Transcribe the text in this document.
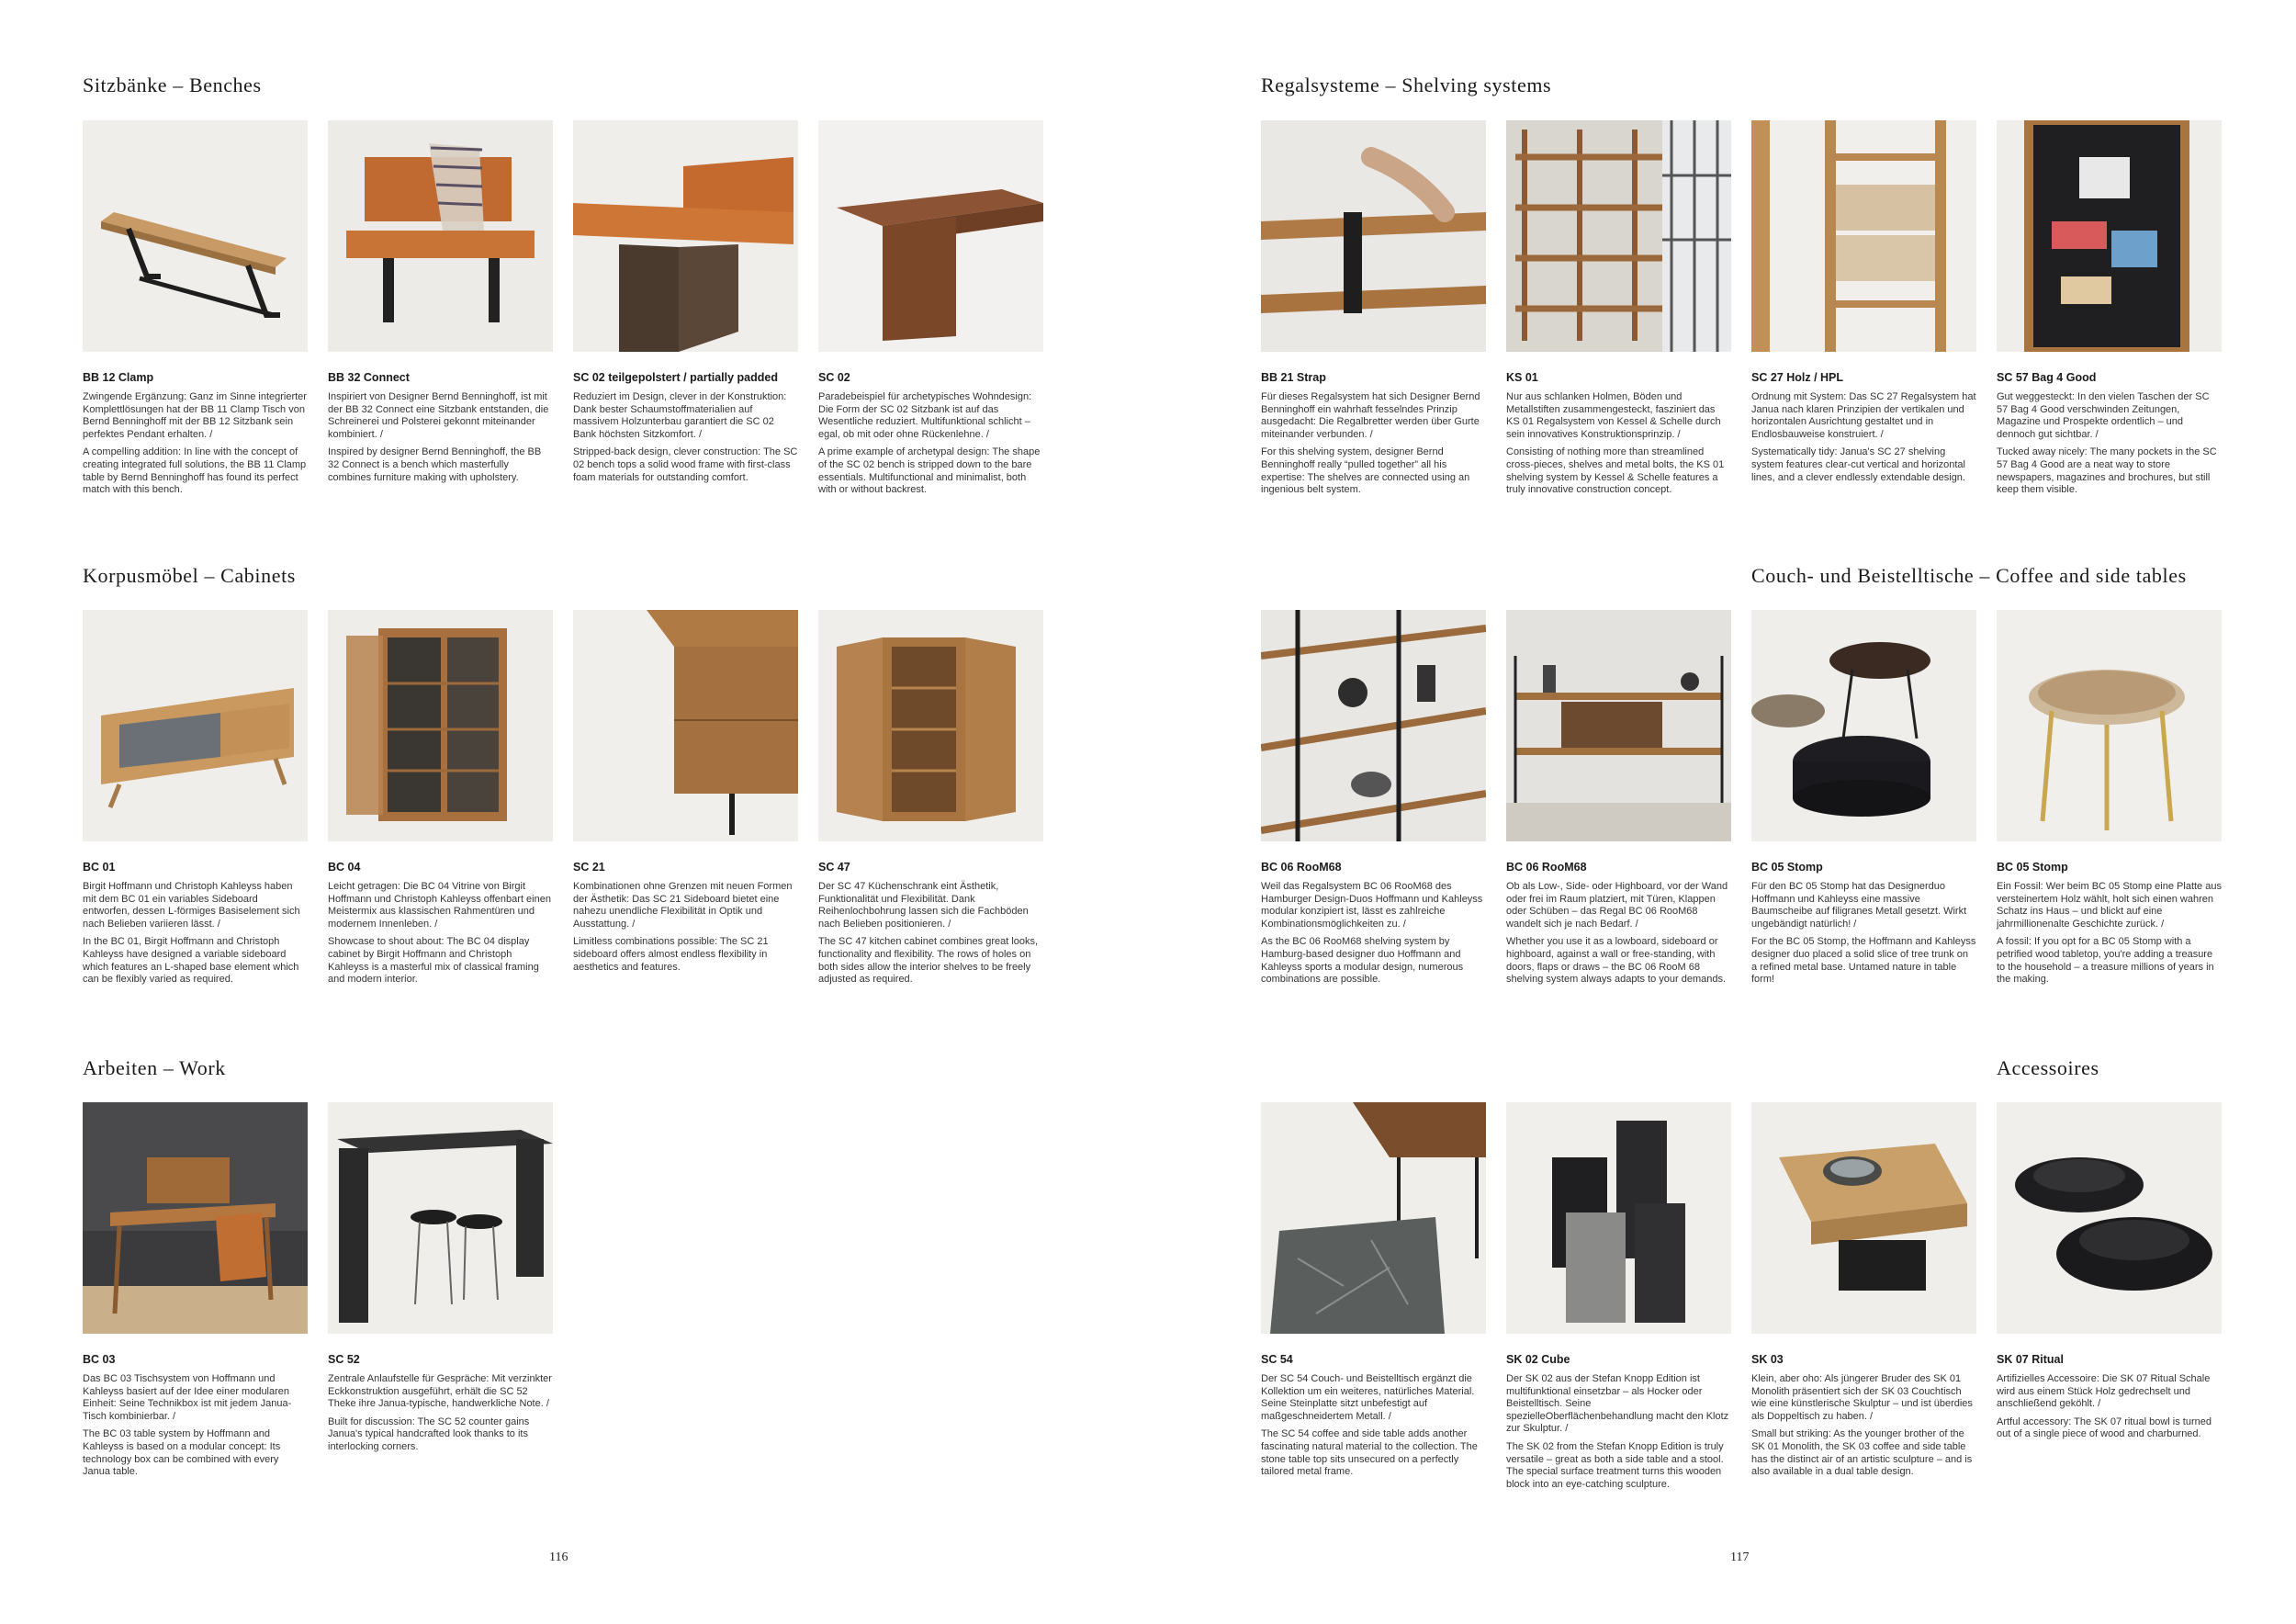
Sitzbänke – Benches
BB 12 Clamp
Zwingende Ergänzung: Ganz im Sinne integrierter Komplettlösungen hat der BB 11 Clamp Tisch von Bernd Benninghoff mit der BB 12 Sitzbank sein perfektes Pendant erhalten. /
A compelling addition: In line with the concept of creating integrated full solutions, the BB 11 Clamp table by Bernd Benninghoff has found its perfect match with this bench.
BB 32 Connect
Inspiriert von Designer Bernd Benninghoff, ist mit der BB 32 Connect eine Sitzbank entstanden, die Schreinerei und Polsterei gekonnt miteinander kombiniert. /
Inspired by designer Bernd Benninghoff, the BB 32 Connect is a bench which masterfully combines furniture making with upholstery.
SC 02 teilgepolstert / partially padded
Reduziert im Design, clever in der Konstruktion: Dank bester Schaumstoffmaterialien auf massivem Holzunterbau garantiert die SC 02 Bank höchsten Sitzkomfort. /
Stripped-back design, clever construction: The SC 02 bench tops a solid wood frame with first-class foam materials for outstanding comfort.
SC 02
Paradebeispiel für archetypisches Wohndesign: Die Form der SC 02 Sitzbank ist auf das Wesentliche reduziert. Multifunktional schlicht – egal, ob mit oder ohne Rückenlehne. /
A prime example of archetypal design: The shape of the SC 02 bench is stripped down to the bare essentials. Multifunctional and minimalist, both with or without backrest.
Korpusmöbel – Cabinets
BC 01
Birgit Hoffmann und Christoph Kahleyss haben mit dem BC 01 ein variables Sideboard entworfen, dessen L-förmiges Basiselement sich nach Belieben variieren lässt. /
In the BC 01, Birgit Hoffmann and Christoph Kahleyss have designed a variable sideboard which features an L-shaped base element which can be flexibly varied as required.
BC 04
Leicht getragen: Die BC 04 Vitrine von Birgit Hoffmann und Christoph Kahleyss offenbart einen Meistermix aus klassischen Rahmentüren und modernem Innenleben. /
Showcase to shout about: The BC 04 display cabinet by Birgit Hoffmann and Christoph Kahleyss is a masterful mix of classical framing and modern interior.
SC 21
Kombinationen ohne Grenzen mit neuen Formen der Ästhetik: Das SC 21 Sideboard bietet eine nahezu unendliche Flexibilität in Optik und Ausstattung. /
Limitless combinations possible: The SC 21 sideboard offers almost endless flexibility in aesthetics and features.
SC 47
Der SC 47 Küchenschrank eint Ästhetik, Funktionalität und Flexibilität. Dank Reihenlochbohrung lassen sich die Fachböden nach Belieben positionieren. /
The SC 47 kitchen cabinet combines great looks, functionality and flexibility. The rows of holes on both sides allow the interior shelves to be freely adjusted as required.
Arbeiten – Work
BC 03
Das BC 03 Tischsystem von Hoffmann und Kahleyss basiert auf der Idee einer modularen Einheit: Seine Technikbox ist mit jedem Janua-Tisch kombinierbar. /
The BC 03 table system by Hoffmann and Kahleyss is based on a modular concept: Its technology box can be combined with every Janua table.
SC 52
Zentrale Anlaufstelle für Gespräche: Mit verzinkter Eckkonstruktion ausgeführt, erhält die SC 52 Theke ihre Janua-typische, handwerkliche Note. /
Built for discussion: The SC 52 counter gains Janua's typical handcrafted look thanks to its interlocking corners.
116
Regalsysteme – Shelving systems
BB 21 Strap
Für dieses Regalsystem hat sich Designer Bernd Benninghoff ein wahrhaft fesselndes Prinzip ausgedacht: Die Regalbretter werden über Gurte miteinander verbunden. /
For this shelving system, designer Bernd Benninghoff really “pulled together” all his expertise: The shelves are connected using an ingenious belt system.
KS 01
Nur aus schlanken Holmen, Böden und Metallstiften zusammengesteckt, fasziniert das KS 01 Regalsystem von Kessel & Schelle durch sein innovatives Konstruktionsprinzip. /
Consisting of nothing more than streamlined cross-pieces, shelves and metal bolts, the KS 01 shelving system by Kessel & Schelle features a truly innovative construction concept.
SC 27 Holz / HPL
Ordnung mit System: Das SC 27 Regalsystem hat Janua nach klaren Prinzipien der vertikalen und horizontalen Ausrichtung gestaltet und in Endlosbauweise konstruiert. /
Systematically tidy: Janua's SC 27 shelving system features clear-cut vertical and horizontal lines, and a clever endlessly extendable design.
SC 57 Bag 4 Good
Gut weggesteckt: In den vielen Taschen der SC 57 Bag 4 Good verschwinden Zeitungen, Magazine und Prospekte ordentlich – und dennoch gut sichtbar. /
Tucked away nicely: The many pockets in the SC 57 Bag 4 Good are a neat way to store newspapers, magazines and brochures, but still keep them visible.
Couch- und Beistelltische – Coffee and side tables
BC 06 RooM68
Weil das Regalsystem BC 06 RooM68 des Hamburger Design-Duos Hoffmann und Kahleyss modular konzipiert ist, lässt es zahlreiche Kombinationsmöglichkeiten zu. /
As the BC 06 RooM68 shelving system by Hamburg-based designer duo Hoffmann and Kahleyss sports a modular design, numerous combinations are possible.
BC 06 RooM68
Ob als Low-, Side- oder Highboard, vor der Wand oder frei im Raum platziert, mit Türen, Klappen oder Schüben – das Regal BC 06 RooM68 wandelt sich je nach Bedarf. /
Whether you use it as a lowboard, sideboard or highboard, against a wall or free-standing, with doors, flaps or draws – the BC 06 RooM 68 shelving system always adapts to your demands.
BC 05 Stomp
Für den BC 05 Stomp hat das Designerduo Hoffmann und Kahleyss eine massive Baumscheibe auf filigranes Metall gesetzt. Wirkt ungebändigt natürlich! /
For the BC 05 Stomp, the Hoffmann and Kahleyss designer duo placed a solid slice of tree trunk on a refined metal base. Untamed nature in table form!
BC 05 Stomp
Ein Fossil: Wer beim BC 05 Stomp eine Platte aus versteinertem Holz wählt, holt sich einen wahren Schatz ins Haus – und blickt auf eine jahrmillionenalte Geschichte zurück. /
A fossil: If you opt for a BC 05 Stomp with a petrified wood tabletop, you're adding a treasure to the household – a treasure millions of years in the making.
Accessoires
SC 54
Der SC 54 Couch- und Beistelltisch ergänzt die Kollektion um ein weiteres, natürliches Material. Seine Steinplatte sitzt unbefestigt auf maßgeschneidertem Metall. /
The SC 54 coffee and side table adds another fascinating natural material to the collection. The stone table top sits unsecured on a perfectly tailored metal frame.
SK 02 Cube
Der SK 02 aus der Stefan Knopp Edition ist multifunktional einsetzbar – als Hocker oder Beistelltisch. Seine spezielleOberflächenbehandlung macht den Klotz zur Skulptur. /
The SK 02 from the Stefan Knopp Edition is truly versatile – great as both a side table and a stool. The special surface treatment turns this wooden block into an eye-catching sculpture.
SK 03
Klein, aber oho: Als jüngerer Bruder des SK 01 Monolith präsentiert sich der SK 03 Couchtisch wie eine künstlerische Skulptur – und ist überdies als Doppeltisch zu haben. /
Small but striking: As the younger brother of the SK 01 Monolith, the SK 03 coffee and side table has the distinct air of an artistic sculpture – and is also available in a dual table design.
SK 07 Ritual
Artifizielles Accessoire: Die SK 07 Ritual Schale wird aus einem Stück Holz gedrechselt und anschließend geköhlt. /
Artful accessory: The SK 07 ritual bowl is turned out of a single piece of wood and charburned.
117
